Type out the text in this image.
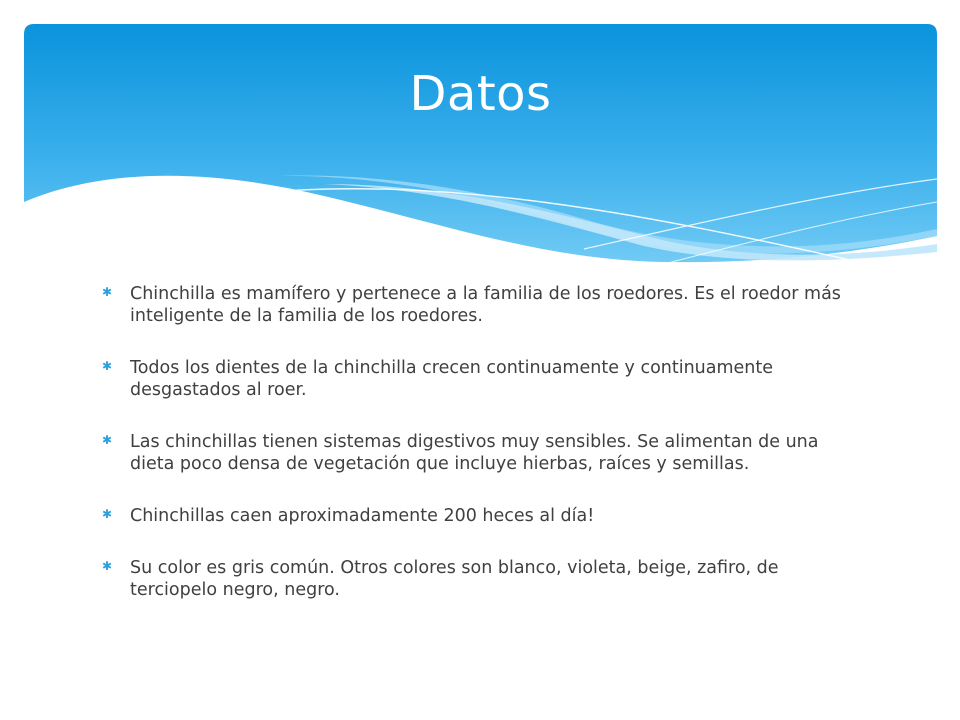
Datos
✱ Chinchilla es mamífero y pertenece a la familia de los roedores. Es el roedor más inteligente de la familia de los roedores.
✱ Todos los dientes de la chinchilla crecen continuamente y continuamente desgastados al roer.
✱ Las chinchillas tienen sistemas digestivos muy sensibles. Se alimentan de una dieta poco densa de vegetación que incluye hierbas, raíces y semillas.
✱ Chinchillas caen aproximadamente 200 heces al día!
✱ Su color es gris común. Otros colores son blanco, violeta, beige, zafiro, de terciopelo negro, negro.
